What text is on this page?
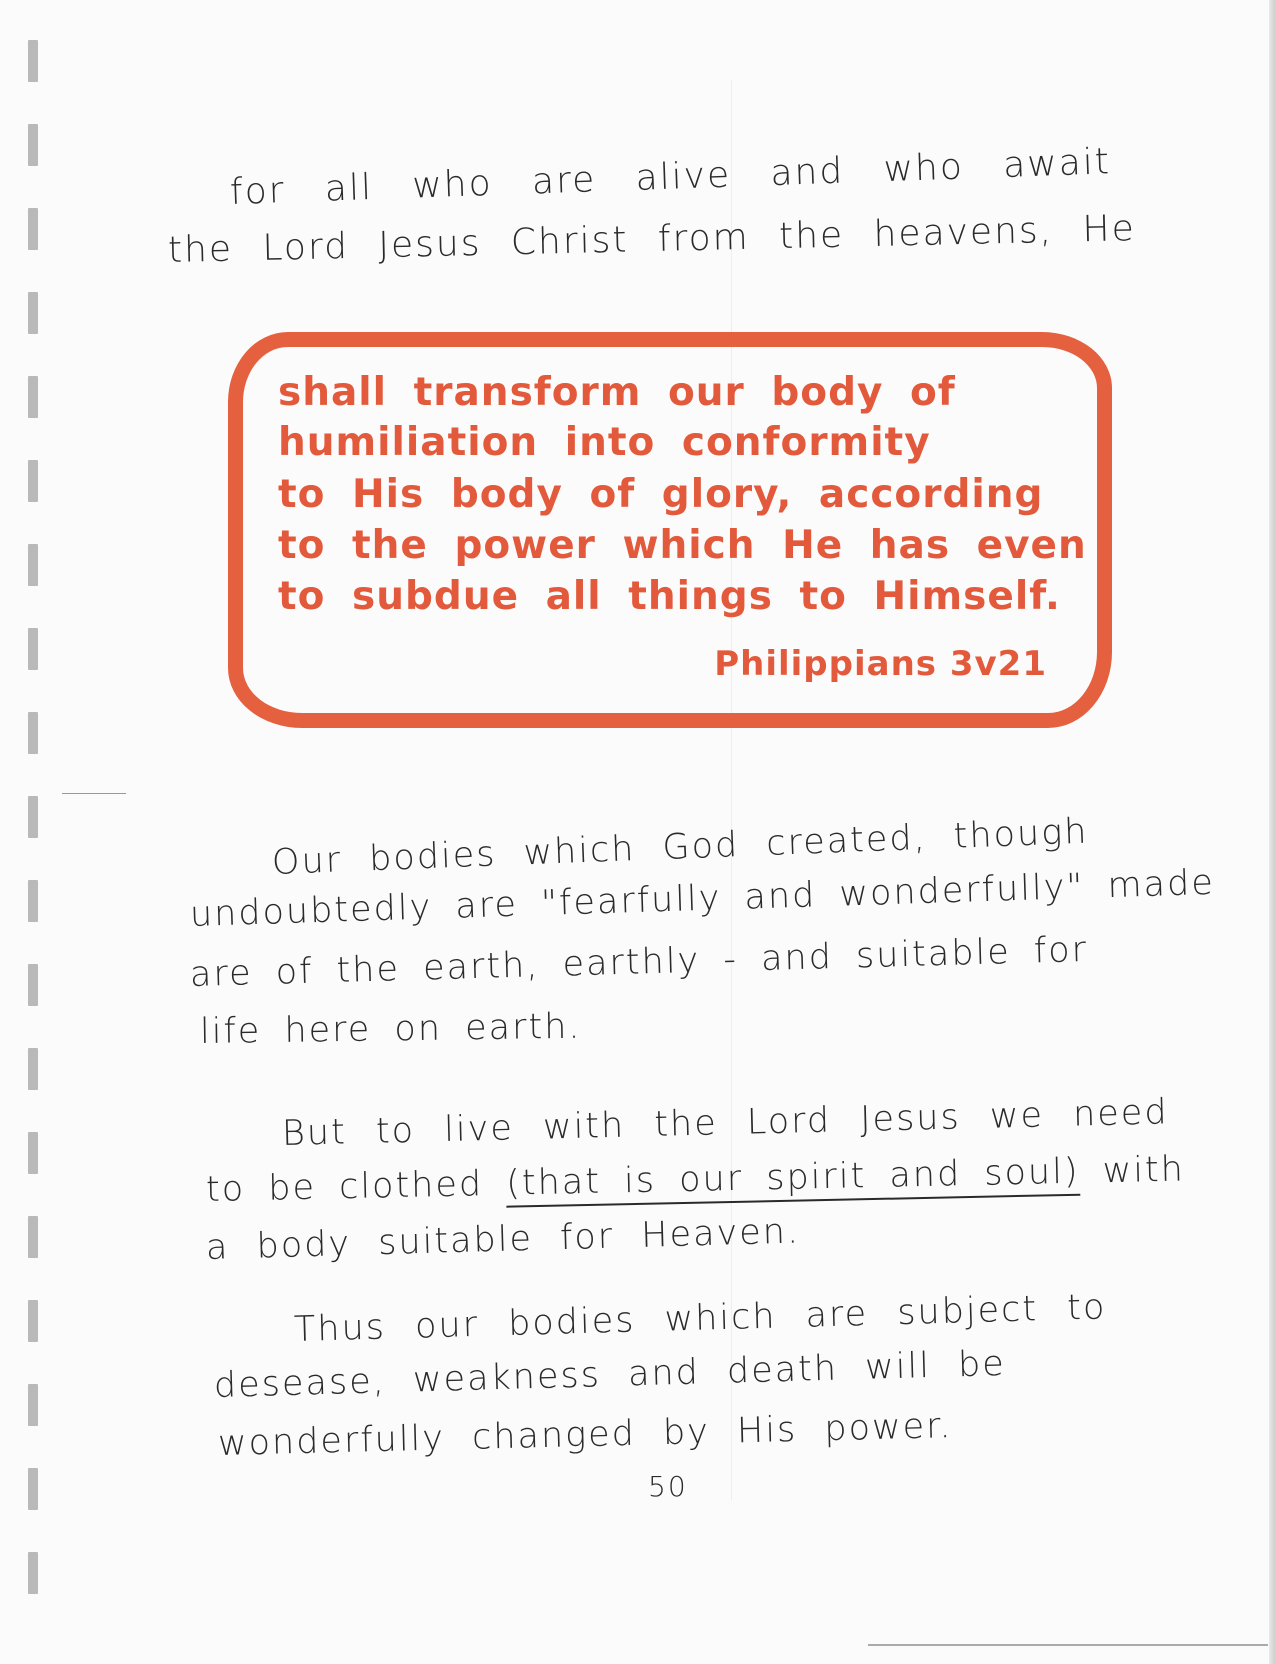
for all who are alive and who await
the Lord Jesus Christ from the heavens, He
shall transform our body of
humiliation into conformity
to His body of glory, according
to the power which He has even
to subdue all things to Himself.
Philippians 3v21
Our bodies which God created, though
undoubtedly are "fearfully and wonderfully" made
are of the earth, earthly - and suitable for
life here on earth.
But to live with the Lord Jesus we need
to be clothed (that is our spirit and soul) with
a body suitable for Heaven.
Thus our bodies which are subject to
desease, weakness and death will be
wonderfully changed by His power.
50
